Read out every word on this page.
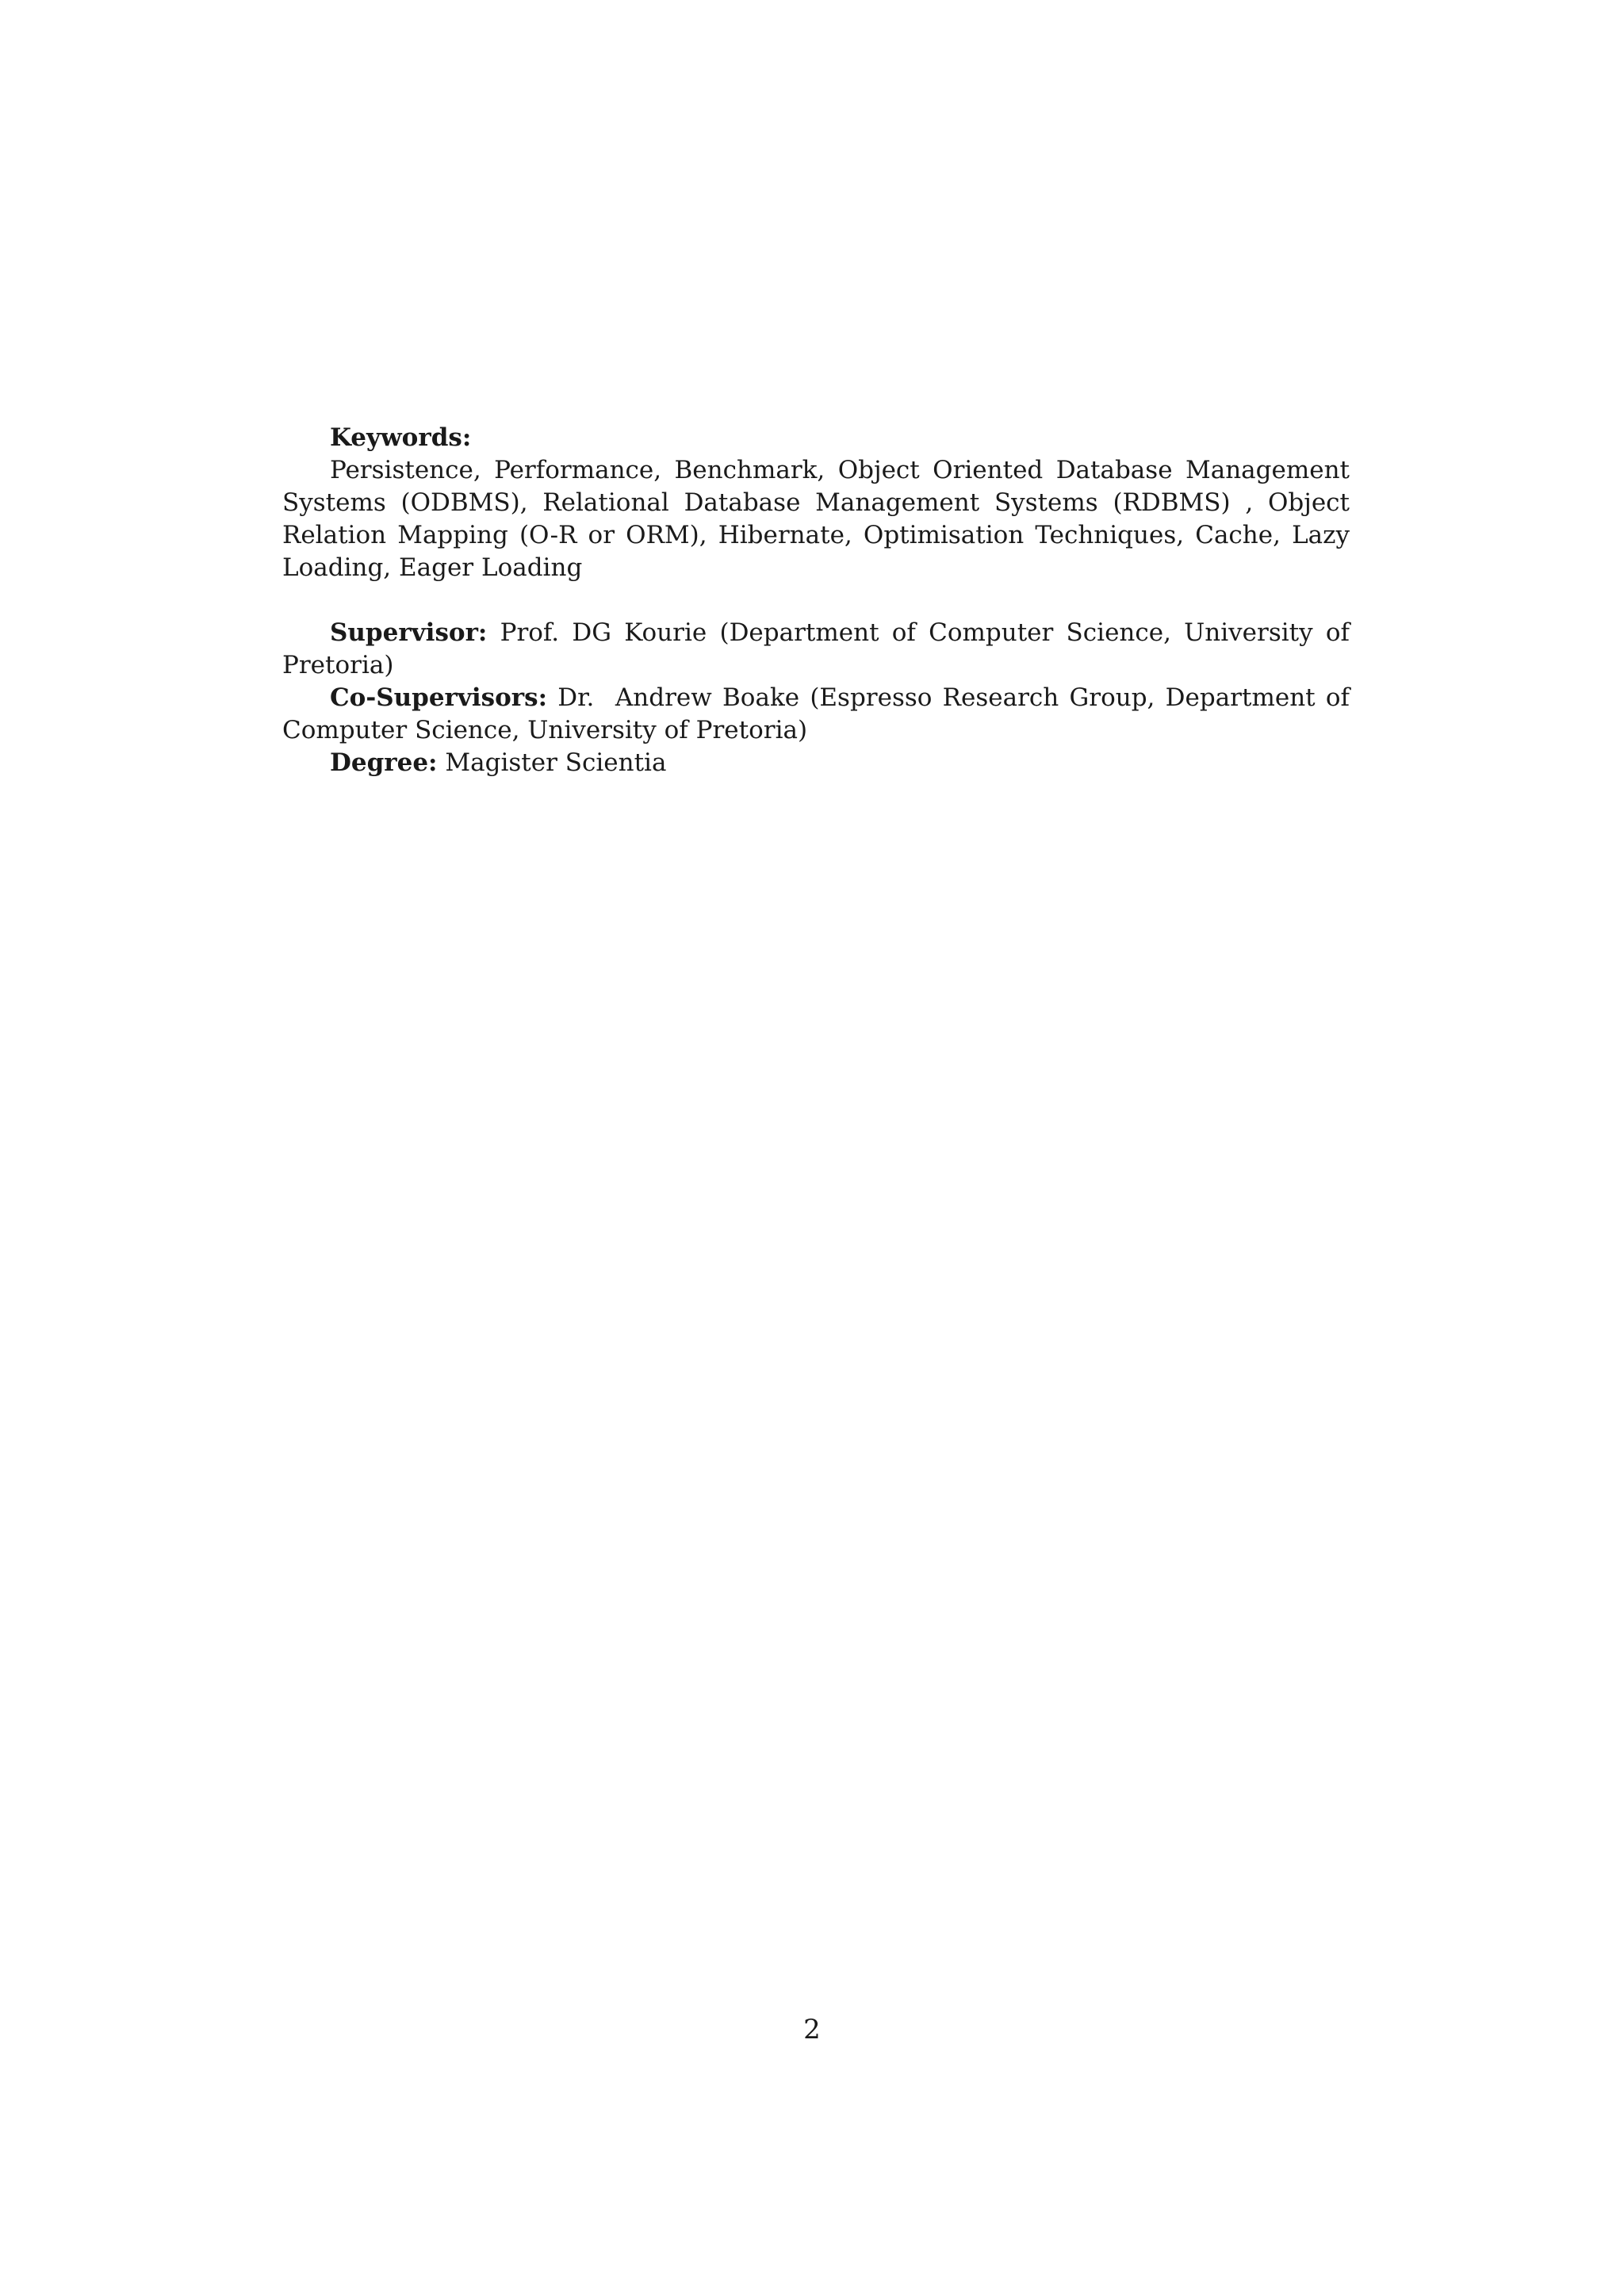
Keywords:

Persistence, Performance, Benchmark, Object Oriented Database Management Systems (ODBMS), Relational Database Management Systems (RDBMS) , Object Relation Mapping (O-R or ORM), Hibernate, Optimisation Techniques, Cache, Lazy Loading, Eager Loading

Supervisor: Prof. DG Kourie (Department of Computer Science, University of Pretoria)

Co-Supervisors: Dr.  Andrew Boake (Espresso Research Group, Department of Computer Science, University of Pretoria)

Degree: Magister Scientia

2
